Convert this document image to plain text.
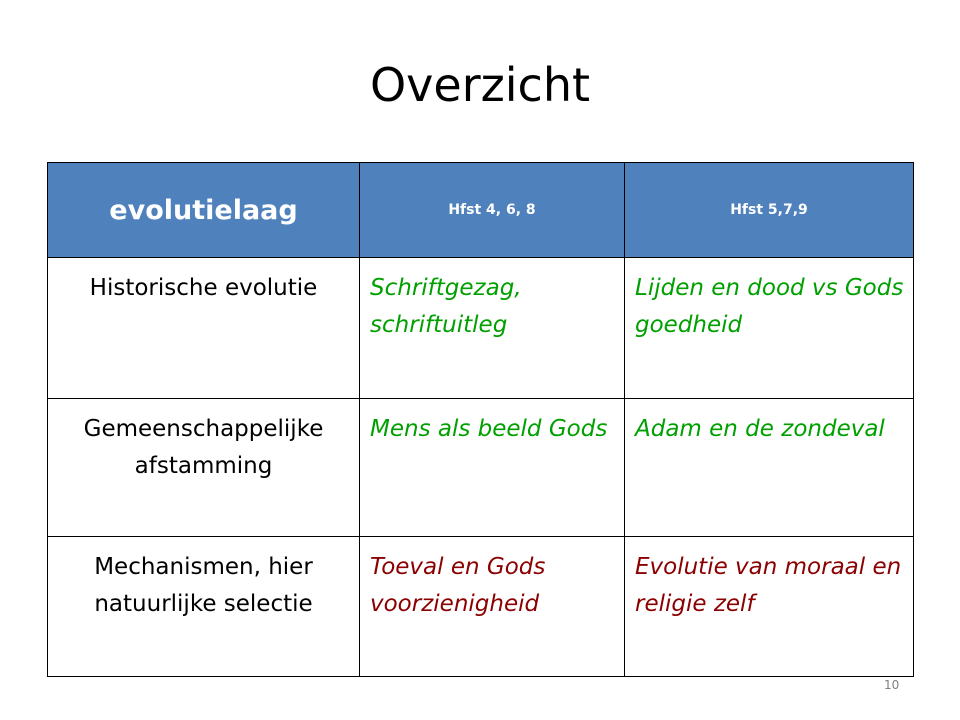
Overzicht
evolutielaag	Hfst 4, 6, 8	Hfst 5,7,9
Historische evolutie	Schriftgezag, schriftuitleg	Lijden en dood vs Gods goedheid
Gemeenschappelijke afstamming	Mens als beeld Gods	Adam en de zondeval
Mechanismen, hier natuurlijke selectie	Toeval en Gods voorzienigheid	Evolutie van moraal en religie zelf
10
